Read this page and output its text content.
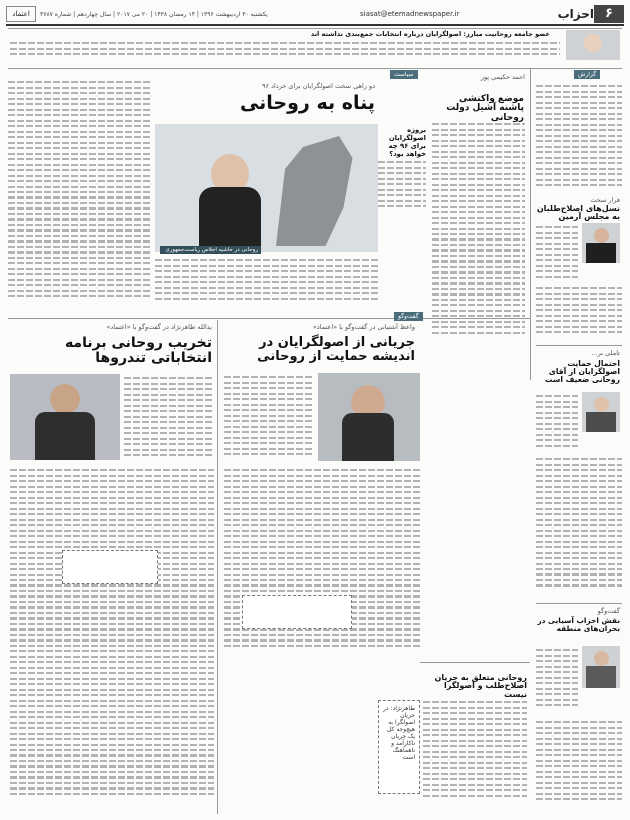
اعتماد	یکشنبه ۳۰ اردیبهشت ۱۳۹۶ | ۱۴ رمضان ۱۴۳۸ | ۲۰ می ۲۰۱۷ | سال چهاردهم | شماره ۳۷۸۷	siasat@etemadnewspaper.ir	احزاب ۶
عضو جامعه روحانیت مبارز: اصولگرایان درباره انتخابات جمع‌بندی نداشته اند
سیاست
دو راهی سخت اصولگرایان برای خرداد ۹۶
پناه به روحانی
روحانی در حاشیه اجلاس ریاست‌جمهوری
بروزه اصولگرایان برای ۹۶ چه خواهد بود؟
احمد حکیمی پور
موضع واکنشی پاشنه آشیل دولت روحانی
گزارش
فرار سخت
نسل‌های اصلاح‌طلبان به مجلس آرمین
تاملی بر...
احتمال حمایت اصولگرایان از آقای روحانی ضعیف است
گفت‌وگو
نقش احزاب آسیایی در بحران‌های منطقه
یدالله طاهرنژاد در گفت‌وگو با «اعتماد»
تخریب روحانی برنامه انتخاباتی تندروها
گفت‌وگو
واعظ آشتیانی در گفت‌وگو با «اعتماد»
جریانی از اصولگرایان در اندیشه حمایت از روحانی
روحانی متعلق به جریان اصلاح‌طلب و اصولگرا نیست
طاهرنژاد: در جریان اصولگرا به هیچ‌وجه کل یک جریان ناکارآمد و ناهماهنگ است
